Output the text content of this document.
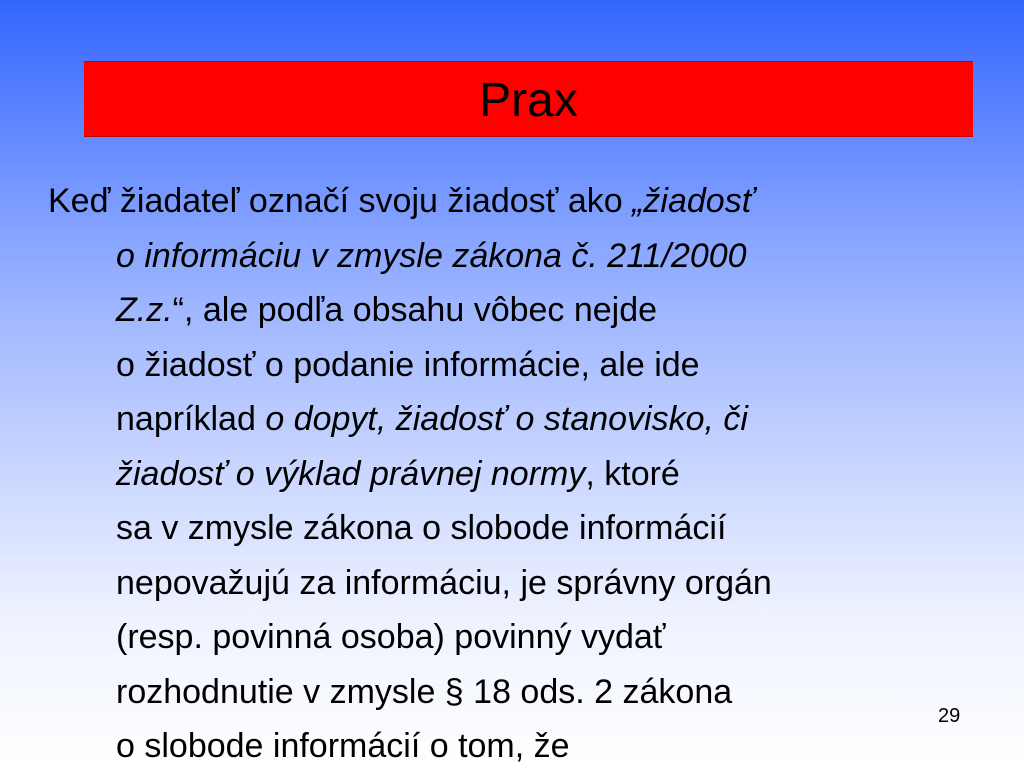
Prax

Keď žiadateľ označí svoju žiadosť ako „žiadosť
o informáciu v zmysle zákona č. 211/2000
Z.z.“, ale podľa obsahu vôbec nejde
o žiadosť o podanie informácie, ale ide
napríklad o dopyt, žiadosť o stanovisko, či
žiadosť o výklad právnej normy, ktoré
sa v zmysle zákona o slobode informácií
nepovažujú za informáciu, je správny orgán
(resp. povinná osoba) povinný vydať
rozhodnutie v zmysle § 18 ods. 2 zákona
o slobode informácií o tom, že

29
